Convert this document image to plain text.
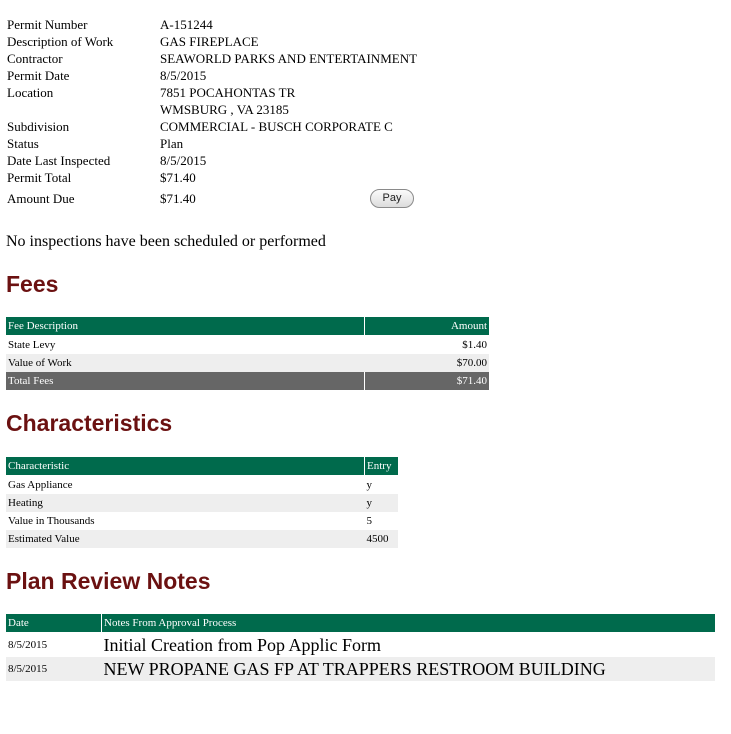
Permit Number	A-151244
Description of Work	GAS FIREPLACE
Contractor	SEAWORLD PARKS AND ENTERTAINMENT
Permit Date	8/5/2015
Location	7851 POCAHONTAS TR
WMSBURG , VA 23185
Subdivision	COMMERCIAL - BUSCH CORPORATE C
Status	Plan
Date Last Inspected	8/5/2015
Permit Total	$71.40
Amount Due	$71.40	Pay
No inspections have been scheduled or performed
Fees
Fee Description	Amount
State Levy	$1.40
Value of Work	$70.00
Total Fees	$71.40
Characteristics
Characteristic	Entry
Gas Appliance	y
Heating	y
Value in Thousands	5
Estimated Value	4500
Plan Review Notes
Date	Notes From Approval Process
8/5/2015	Initial Creation from Pop Applic Form
8/5/2015	NEW PROPANE GAS FP AT TRAPPERS RESTROOM BUILDING
